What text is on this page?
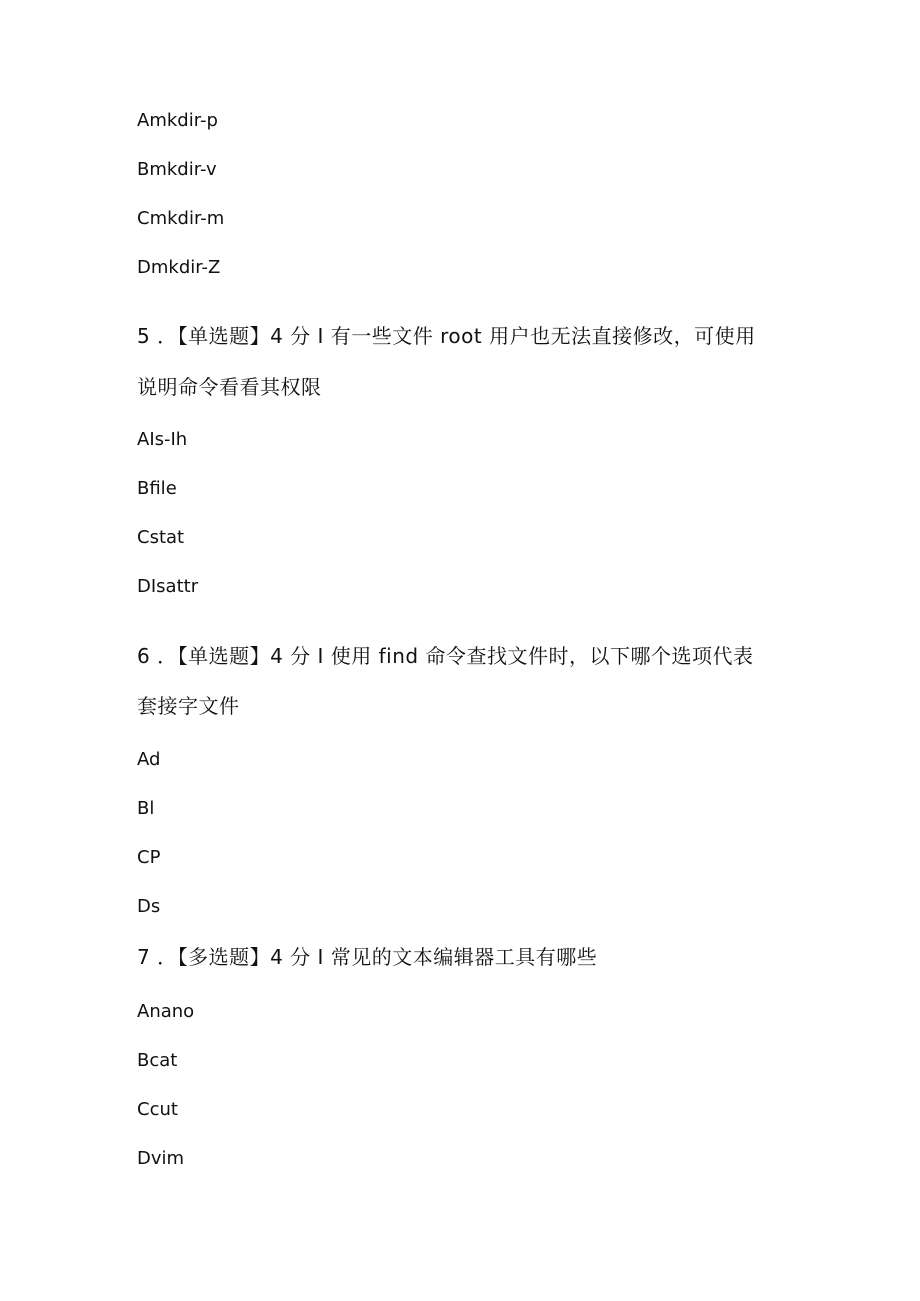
Amkdir-p

Bmkdir-v

Cmkdir-m

Dmkdir-Z

5 ．【单选题】4 分 I 有一些文件 root 用户也无法直接修改，可使用

说明命令看看其权限

AIs-Ih

Bfile

Cstat

DIsattr

6 ．【单选题】4 分 I 使用 find 命令查找文件时，以下哪个选项代表

套接字文件

Ad

Bl

CP

Ds

7 ．【多选题】4 分 I 常见的文本编辑器工具有哪些

Anano

Bcat

Ccut

Dvim
